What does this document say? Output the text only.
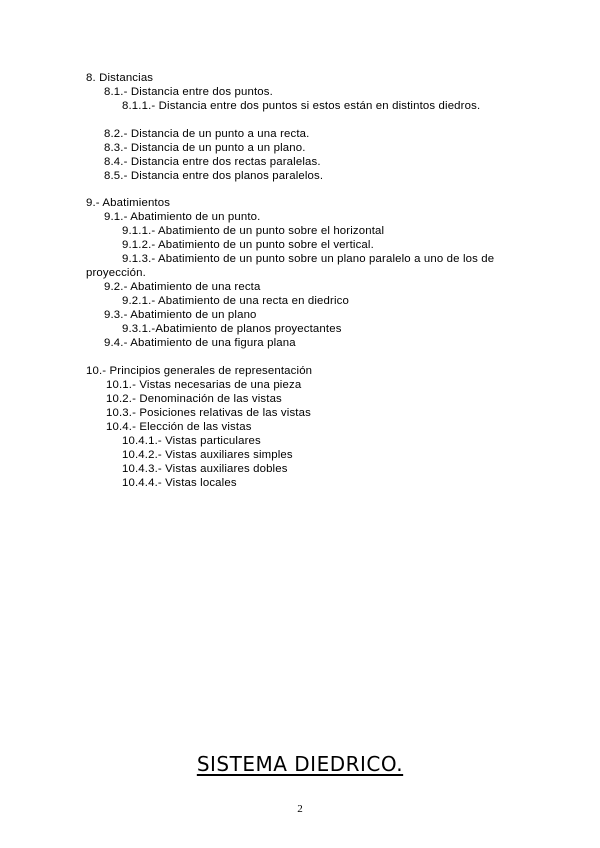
8. Distancias
8.1.- Distancia entre dos puntos.
8.1.1.- Distancia entre dos puntos si estos están en distintos diedros.
8.2.- Distancia de un punto a una recta.
8.3.- Distancia de un punto a un plano.
8.4.- Distancia entre dos rectas paralelas.
8.5.- Distancia entre dos planos paralelos.
9.- Abatimientos
9.1.- Abatimiento de un punto.
9.1.1.- Abatimiento de un punto sobre el horizontal
9.1.2.- Abatimiento de un punto sobre el vertical.
9.1.3.- Abatimiento de un punto sobre un plano paralelo a uno de los de
proyección.
9.2.- Abatimiento de una recta
9.2.1.- Abatimiento de una recta en diedrico
9.3.- Abatimiento de un plano
9.3.1.-Abatimiento de planos proyectantes
9.4.- Abatimiento de una figura plana
10.- Principios generales de representación
10.1.- Vistas necesarias de una pieza
10.2.- Denominación de las vistas
10.3.- Posiciones relativas de las vistas
10.4.- Elección de las vistas
10.4.1.- Vistas particulares
10.4.2.- Vistas auxiliares simples
10.4.3.- Vistas auxiliares dobles
10.4.4.- Vistas locales
SISTEMA DIEDRICO.
2
